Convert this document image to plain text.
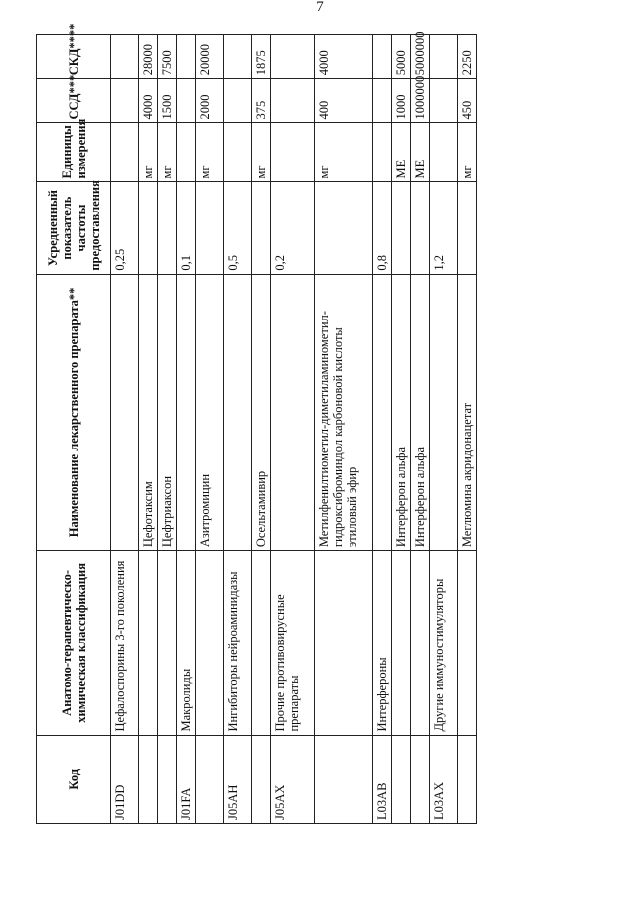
7
Код	Анатомо-терапевтическо-химическая классификация	Наименование лекарственного препарата**	Усредненный показатель частоты предоставления	Единицы измерения	ССД***	СКД****
J01DD	Цефалоспорины 3-го поколения		0,25			
		Цефотаксим		мг	4000	28000
		Цефтриаксон		мг	1500	7500
J01FA	Макролиды		0,1			
		Азитромицин		мг	2000	20000
J05AH	Ингибиторы нейроаминидазы		0,5			
		Осельтамивир		мг	375	1875
J05AX	Прочие противовирусные препараты		0,2			
		Метилфенилтиометил-диметиламинометил-гидроксиброминдол карбоновой кислоты этиловый эфир		мг	400	4000
L03AB	Интерфероны		0,8			
		Интерферон альфа		МЕ	1000	5000
		Интерферон альфа		МЕ	1000000	5000000
L03AX	Другие иммуностимуляторы		1,2			
		Меглюмина акридонацетат		мг	450	2250
